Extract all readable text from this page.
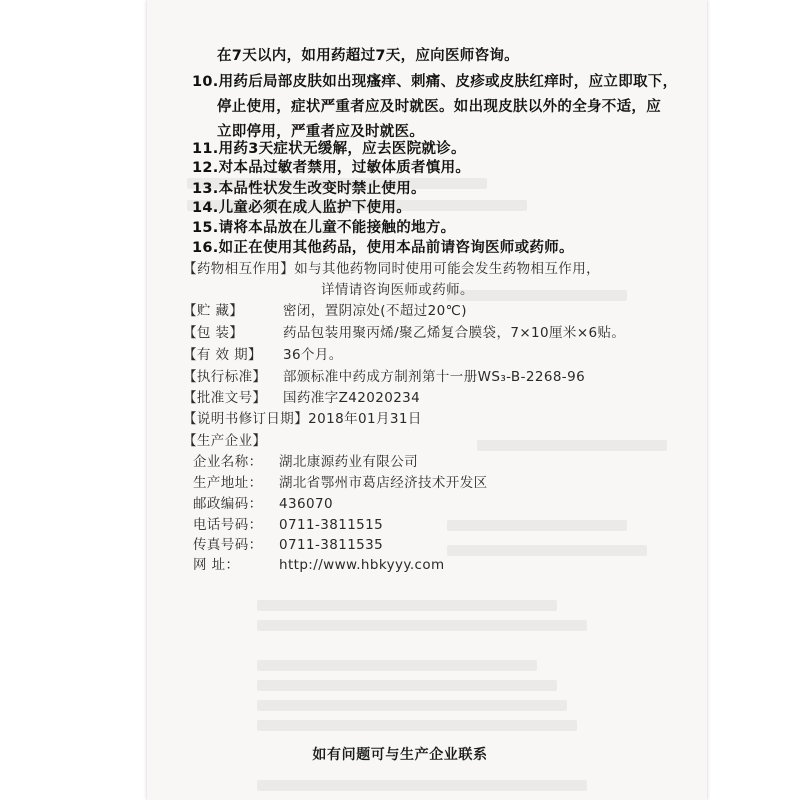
在7天以内，如用药超过7天，应向医师咨询。
10.用药后局部皮肤如出现瘙痒、刺痛、皮疹或皮肤红痒时，应立即取下，
停止使用，症状严重者应及时就医。如出现皮肤以外的全身不适，应
立即停用，严重者应及时就医。
11.用药3天症状无缓解，应去医院就诊。
12.对本品过敏者禁用，过敏体质者慎用。
13.本品性状发生改变时禁止使用。
14.儿童必须在成人监护下使用。
15.请将本品放在儿童不能接触的地方。
16.如正在使用其他药品，使用本品前请咨询医师或药师。
【药物相互作用】如与其他药物同时使用可能会发生药物相互作用，
详情请咨询医师或药师。
【贮 藏】	密闭，置阴凉处(不超过20℃)
【包 装】	药品包装用聚丙烯/聚乙烯复合膜袋，7×10厘米×6贴。
【有 效 期】 36个月。
【执行标准】 部颁标准中药成方制剂第十一册WS₃-B-2268-96
【批准文号】 国药准字Z42020234
【说明书修订日期】2018年01月31日
【生产企业】
企业名称： 湖北康源药业有限公司
生产地址： 湖北省鄂州市葛店经济技术开发区
邮政编码： 436070
电话号码： 0711-3811515
传真号码： 0711-3811535
网 址：	http://www.hbkyyy.com
如有问题可与生产企业联系
